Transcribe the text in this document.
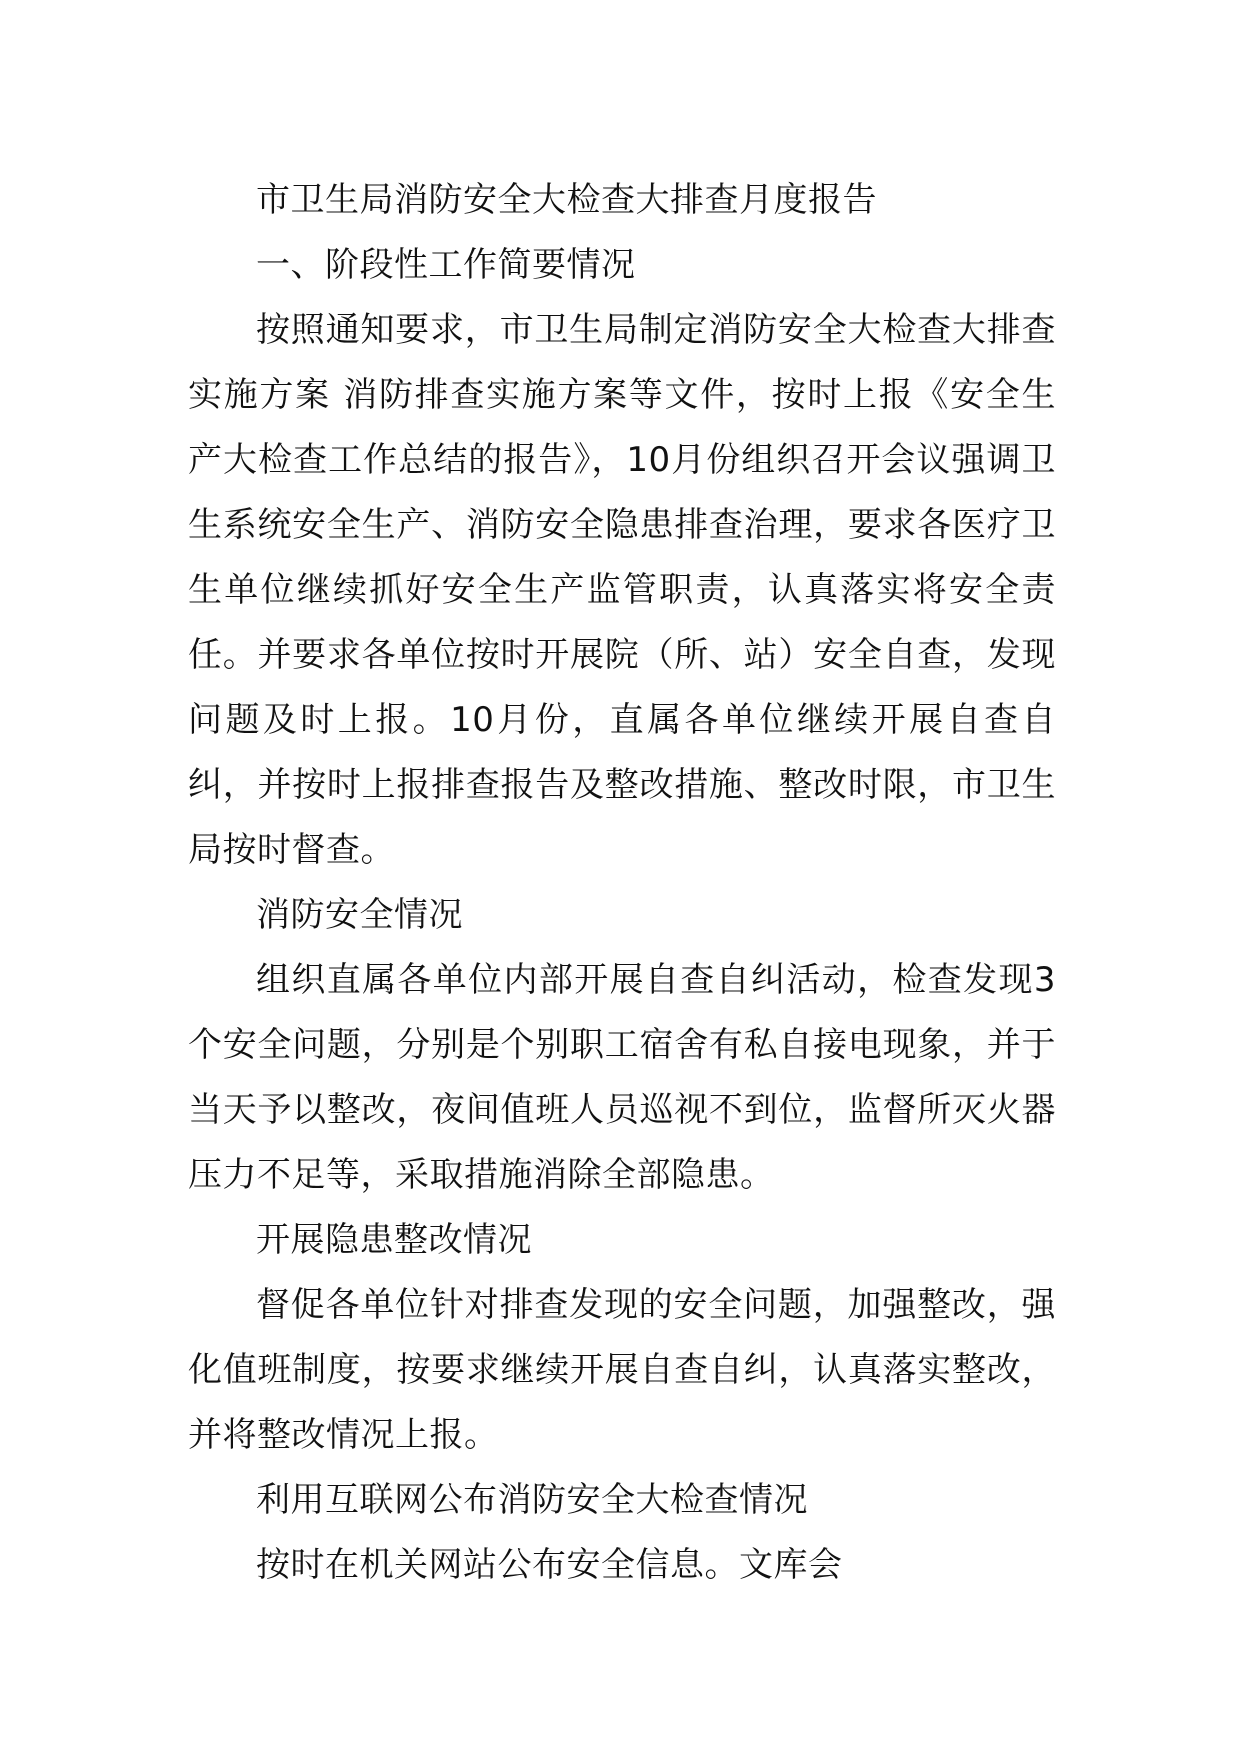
市卫生局消防安全大检查大排查月度报告

一、阶段性工作简要情况

按照通知要求，市卫生局制定消防安全大检查大排查实施方案 消防排查实施方案等文件，按时上报《安全生产大检查工作总结的报告》，10月份组织召开会议强调卫生系统安全生产、消防安全隐患排查治理，要求各医疗卫生单位继续抓好安全生产监管职责，认真落实将安全责任。并要求各单位按时开展院（所、站）安全自查，发现问题及时上报。10月份，直属各单位继续开展自查自纠，并按时上报排查报告及整改措施、整改时限，市卫生局按时督查。

消防安全情况

组织直属各单位内部开展自查自纠活动，检查发现3个安全问题，分别是个别职工宿舍有私自接电现象，并于当天予以整改，夜间值班人员巡视不到位，监督所灭火器压力不足等，采取措施消除全部隐患。

开展隐患整改情况

督促各单位针对排查发现的安全问题，加强整改，强化值班制度，按要求继续开展自查自纠，认真落实整改，并将整改情况上报。

利用互联网公布消防安全大检查情况

按时在机关网站公布安全信息。文库会
